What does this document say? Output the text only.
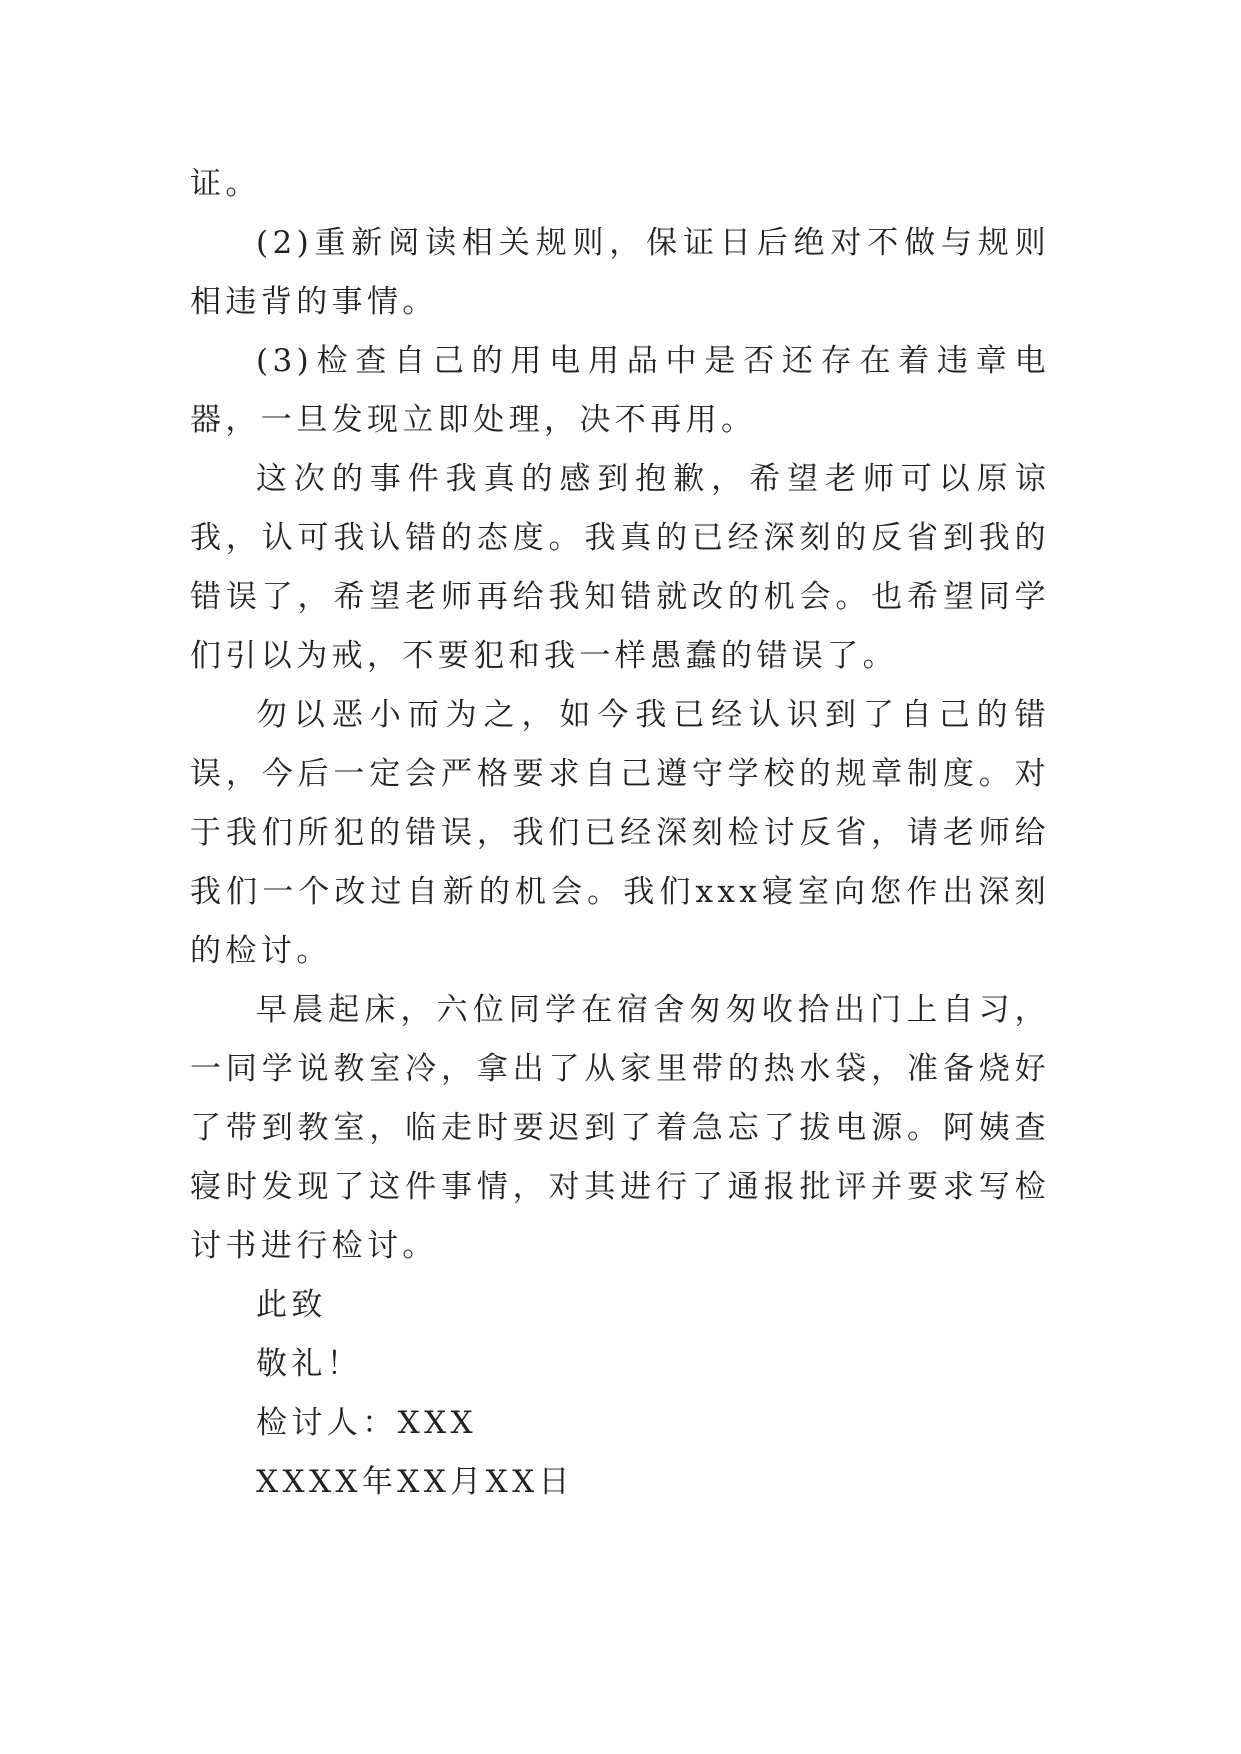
证。

(2)重新阅读相关规则，保证日后绝对不做与规则相违背的事情。

(3)检查自己的用电用品中是否还存在着违章电器，一旦发现立即处理，决不再用。

这次的事件我真的感到抱歉，希望老师可以原谅我，认可我认错的态度。我真的已经深刻的反省到我的错误了，希望老师再给我知错就改的机会。也希望同学们引以为戒，不要犯和我一样愚蠢的错误了。

勿以恶小而为之，如今我已经认识到了自己的错误，今后一定会严格要求自己遵守学校的规章制度。对于我们所犯的错误，我们已经深刻检讨反省，请老师给我们一个改过自新的机会。我们xxx寝室向您作出深刻的检讨。

早晨起床，六位同学在宿舍匆匆收拾出门上自习，一同学说教室冷，拿出了从家里带的热水袋，准备烧好了带到教室，临走时要迟到了着急忘了拔电源。阿姨查寝时发现了这件事情，对其进行了通报批评并要求写检讨书进行检讨。

此致

敬礼！

检讨人：XXX

XXXX年XX月XX日
